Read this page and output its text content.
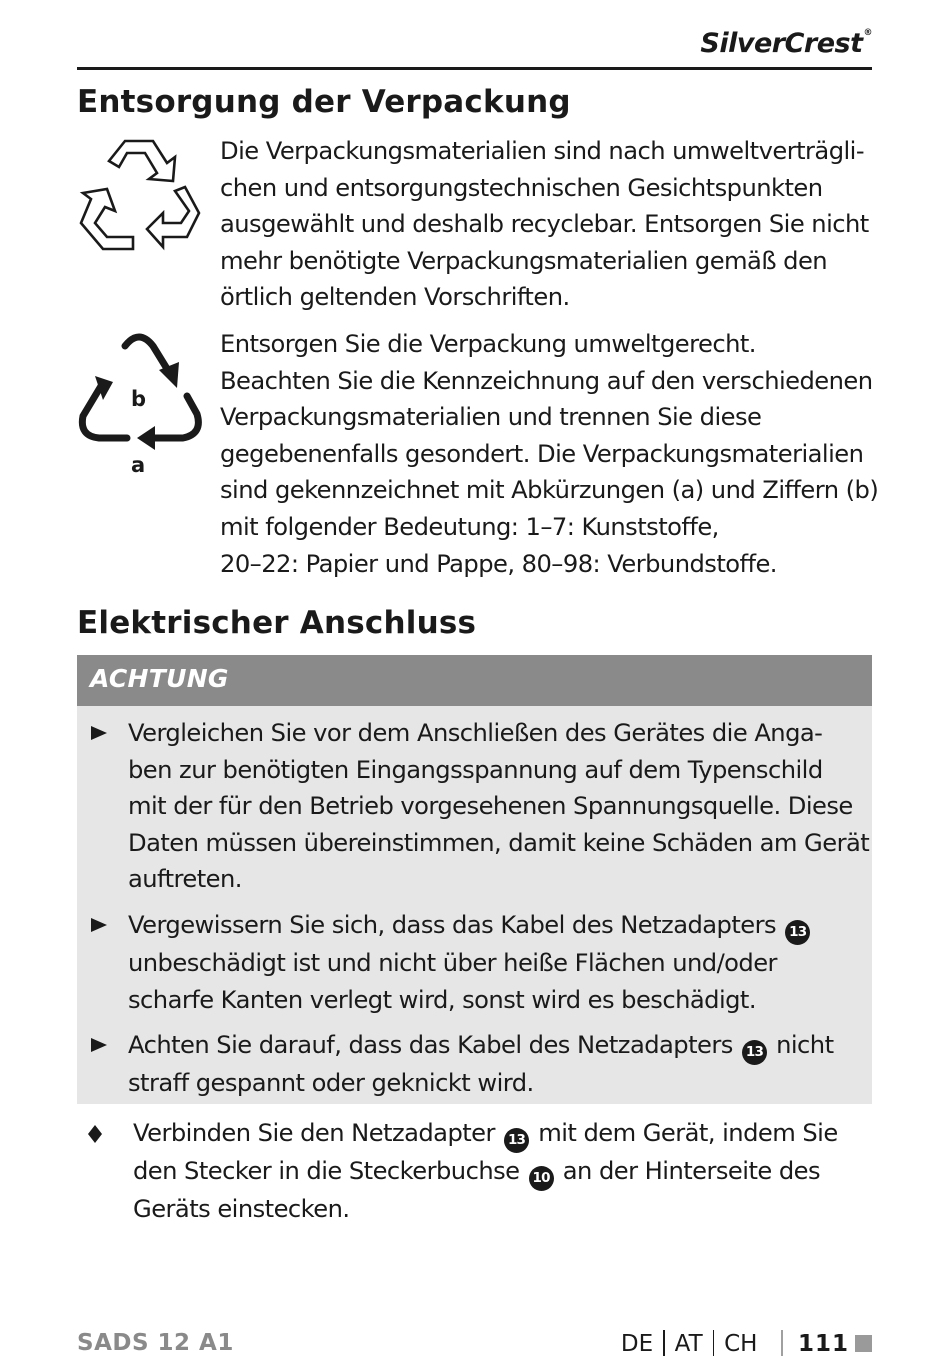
SilverCrest®
Entsorgung der Verpackung
Die Verpackungsmaterialien sind nach umweltverträgli-
chen und entsorgungstechnischen Gesichtspunkten
ausgewählt und deshalb recyclebar. Entsorgen Sie nicht
mehr benötigte Verpackungsmaterialien gemäß den
örtlich geltenden Vorschriften.
b
a
Entsorgen Sie die Verpackung umweltgerecht.
Beachten Sie die Kennzeichnung auf den verschiedenen
Verpackungsmaterialien und trennen Sie diese
gegebenenfalls gesondert. Die Verpackungsmaterialien
sind gekennzeichnet mit Abkürzungen (a) und Ziffern (b)
mit folgender Bedeutung: 1–7: Kunststoffe,
20–22: Papier und Pappe, 80–98: Verbundstoffe.
Elektrischer Anschluss
ACHTUNG
Vergleichen Sie vor dem Anschließen des Gerätes die Anga-
ben zur benötigten Eingangsspannung auf dem Typenschild
mit der für den Betrieb vorgesehenen Spannungsquelle. Diese
Daten müssen übereinstimmen, damit keine Schäden am Gerät
auftreten.
Vergewissern Sie sich, dass das Kabel des Netzadapters 13
unbeschädigt ist und nicht über heiße Flächen und/oder
scharfe Kanten verlegt wird, sonst wird es beschädigt.
Achten Sie darauf, dass das Kabel des Netzadapters 13 nicht
straff gespannt oder geknickt wird.
Verbinden Sie den Netzadapter 13 mit dem Gerät, indem Sie
den Stecker in die Steckerbuchse 10 an der Hinterseite des
Geräts einstecken.
SADS 12 A1	DE AT CH 111
